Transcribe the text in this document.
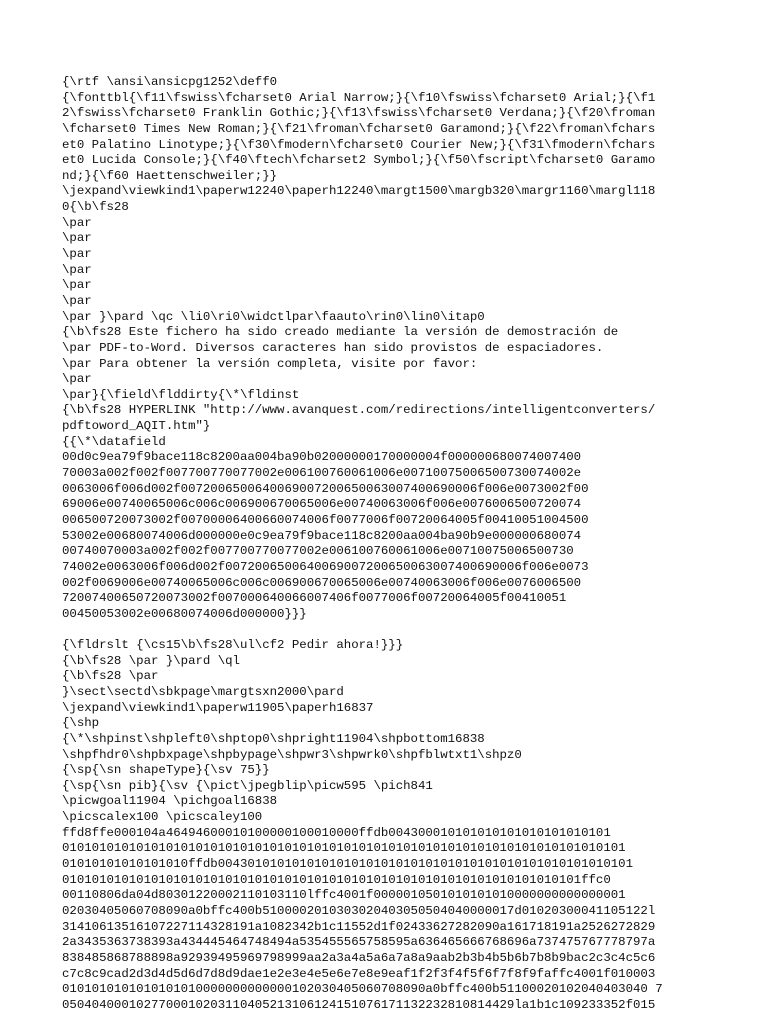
{\rtf \ansi\ansicpg1252\deff0
{\fonttbl{\f11\fswiss\fcharset0 Arial Narrow;}{\f10\fswiss\fcharset0 Arial;}{\f1
2\fswiss\fcharset0 Franklin Gothic;}{\f13\fswiss\fcharset0 Verdana;}{\f20\froman
\fcharset0 Times New Roman;}{\f21\froman\fcharset0 Garamond;}{\f22\froman\fchars
et0 Palatino Linotype;}{\f30\fmodern\fcharset0 Courier New;}{\f31\fmodern\fchars
et0 Lucida Console;}{\f40\ftech\fcharset2 Symbol;}{\f50\fscript\fcharset0 Garamo
nd;}{\f60 Haettenschweiler;}}
\jexpand\viewkind1\paperw12240\paperh12240\margt1500\margb320\margr1160\margl118
0{\b\fs28
\par
\par
\par
\par
\par
\par
\par }\pard \qc \li0\ri0\widctlpar\faauto\rin0\lin0\itap0
{\b\fs28 Este fichero ha sido creado mediante la versión de demostración de
\par PDF-to-Word. Diversos caracteres han sido provistos de espaciadores.
\par Para obtener la versión completa, visite por favor:
\par
\par}{\field\flddirty{\*\fldinst
{\b\fs28 HYPERLINK "http://www.avanquest.com/redirections/intelligentconverters/
pdftoword_AQIT.htm"}
{{\*\datafield
00d0c9ea79f9bace118c8200aa004ba90b02000000170000004f000000680074007400
70003a002f002f007700770077002e006100760061006e00710075006500730074002e
0063006f006d002f0072006500640069007200650063007400690006f006e0073002f00
69006e00740065006c006c006900670065006e00740063006f006e0076006500720074
006500720073002f00700006400660074006f0077006f00720064005f00410051004500
53002e00680074006d000000e0c9ea79f9bace118c8200aa004ba90b9e000000680074
00740070003a002f002f007700770077002e006100760061006e00710075006500730
74002e0063006f006d002f0072006500640069007200650063007400690006f006e0073
002f0069006e00740065006c006c006900670065006e00740063006f006e0076006500
72007400650720073002f007000640066007406f0077006f00720064005f00410051
00450053002e00680074006d000000}}}
{\fldrslt {\cs15\b\fs28\ul\cf2 Pedir ahora!}}}
{\b\fs28 \par }\pard \ql
{\b\fs28 \par
}\sect\sectd\sbkpage\margtsxn2000\pard
\jexpand\viewkind1\paperw11905\paperh16837
{\shp
{\*\shpinst\shpleft0\shptop0\shpright11904\shpbottom16838
\shpfhdr0\shpbxpage\shpbypage\shpwr3\shpwrk0\shpfblwtxt1\shpz0
{\sp{\sn shapeType}{\sv 75}}
{\sp{\sn pib}{\sv {\pict\jpegblip\picw595 \pich841
\picwgoal11904 \pichgoal16838
\picscalex100 \picscaley100
ffd8ffe000104a46494600010100000100010000ffdb004300010101010101010101010101
0101010101010101010101010101010101010101010101010101010101010101010101010101
01010101010101010ffdb00430101010101010101010101010101010101010101010101010101
0101010101010101010101010101010101010101010101010101010101010101010101ffc0
00110806da04d80301220002110103110lffc4001f0000010501010101010000000000000001
02030405060708090a0bffc400b5100002010303020403050504040000017d01020300041105122l
31410613516107227114328191a1082342b1c11552d1f02433627282090a161718191a2526272829
2a3435363738393a434445464748494a535455565758595a636465666768696a737475767778797a
838485868788898a92939495969798999aa2a3a4a5a6a7a8a9aab2b3b4b5b6b7b8b9bac2c3c4c5c6
c7c8c9cad2d3d4d5d6d7d8d9dae1e2e3e4e5e6e7e8e9eaf1f2f3f4f5f6f7f8f9faffc4001f010003
0101010101010101010000000000000102030405060708090a0bffc400b51100020102040403040 7
0504040001027700010203110405213106124151076171132232810814429la1b1c109233352f015
